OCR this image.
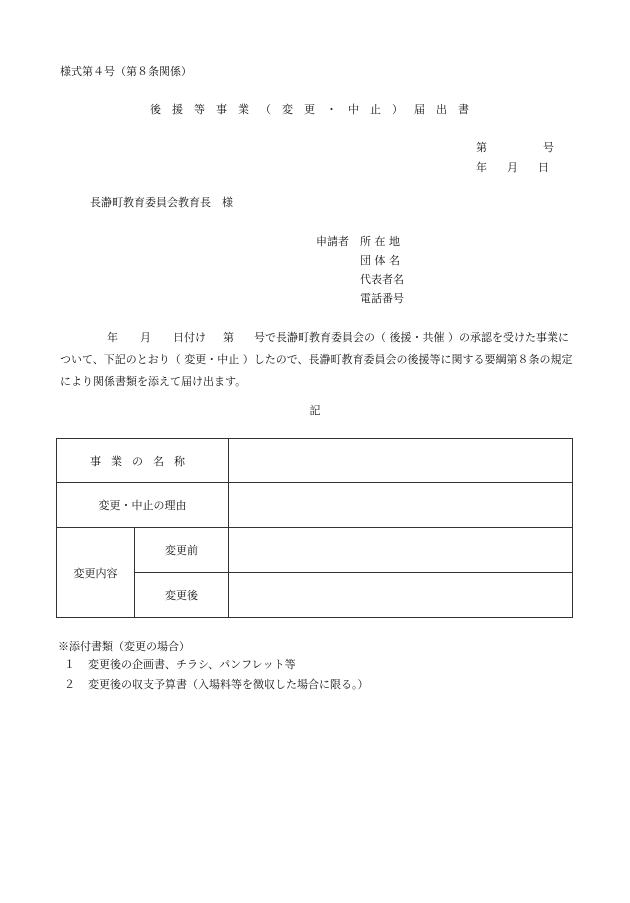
様式第４号（第８条関係）
後援等事業（変更・中止）届出書
第	号
年 月 日
長瀞町教育委員会教育長　様
申請者 所 在 地
団 体 名
代表者名
電話番号
年 月 日付け 第 号で長瀞町教育委員会の（ 後援・共催 ）の承認を受けた事業について、下記のとおり（ 変更・中止 ）したので、長瀞町教育委員会の後援等に関する要綱第８条の規定により関係書類を添えて届け出ます。
記
事業の名称		
変更・中止の理由		
変更内容	変更前	
	変更後	
※添付書類（変更の場合）
１ 変更後の企画書、チラシ、パンフレット等
２ 変更後の収支予算書（入場料等を徴収した場合に限る。）
